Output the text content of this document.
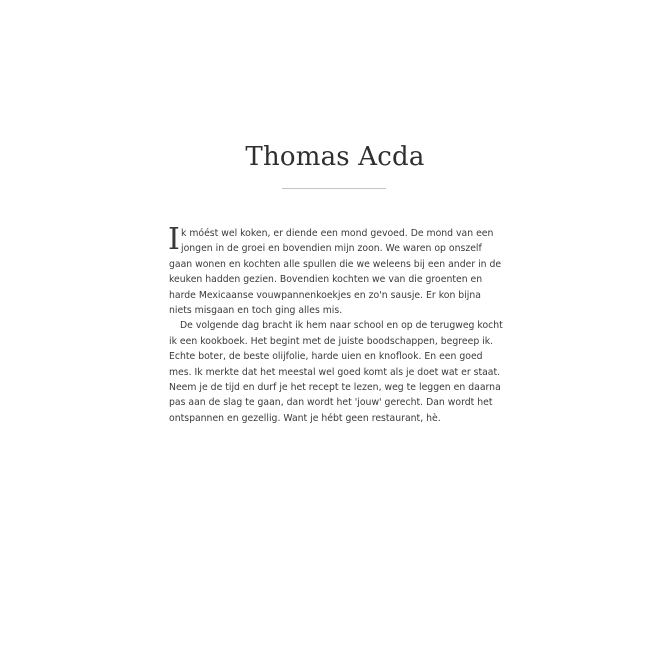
Thomas Acda
I k móést wel koken, er diende een mond gevoed. De mond van een
jongen in de groei en bovendien mijn zoon. We waren op onszelf
gaan wonen en kochten alle spullen die we weleens bij een ander in de
keuken hadden gezien. Bovendien kochten we van die groenten en
harde Mexicaanse vouwpannenkoekjes en zo'n sausje. Er kon bijna
niets misgaan en toch ging alles mis.
De volgende dag bracht ik hem naar school en op de terugweg kocht
ik een kookboek. Het begint met de juiste boodschappen, begreep ik.
Echte boter, de beste olijfolie, harde uien en knoflook. En een goed
mes. Ik merkte dat het meestal wel goed komt als je doet wat er staat.
Neem je de tijd en durf je het recept te lezen, weg te leggen en daarna
pas aan de slag te gaan, dan wordt het 'jouw' gerecht. Dan wordt het
ontspannen en gezellig. Want je hébt geen restaurant, hè.
